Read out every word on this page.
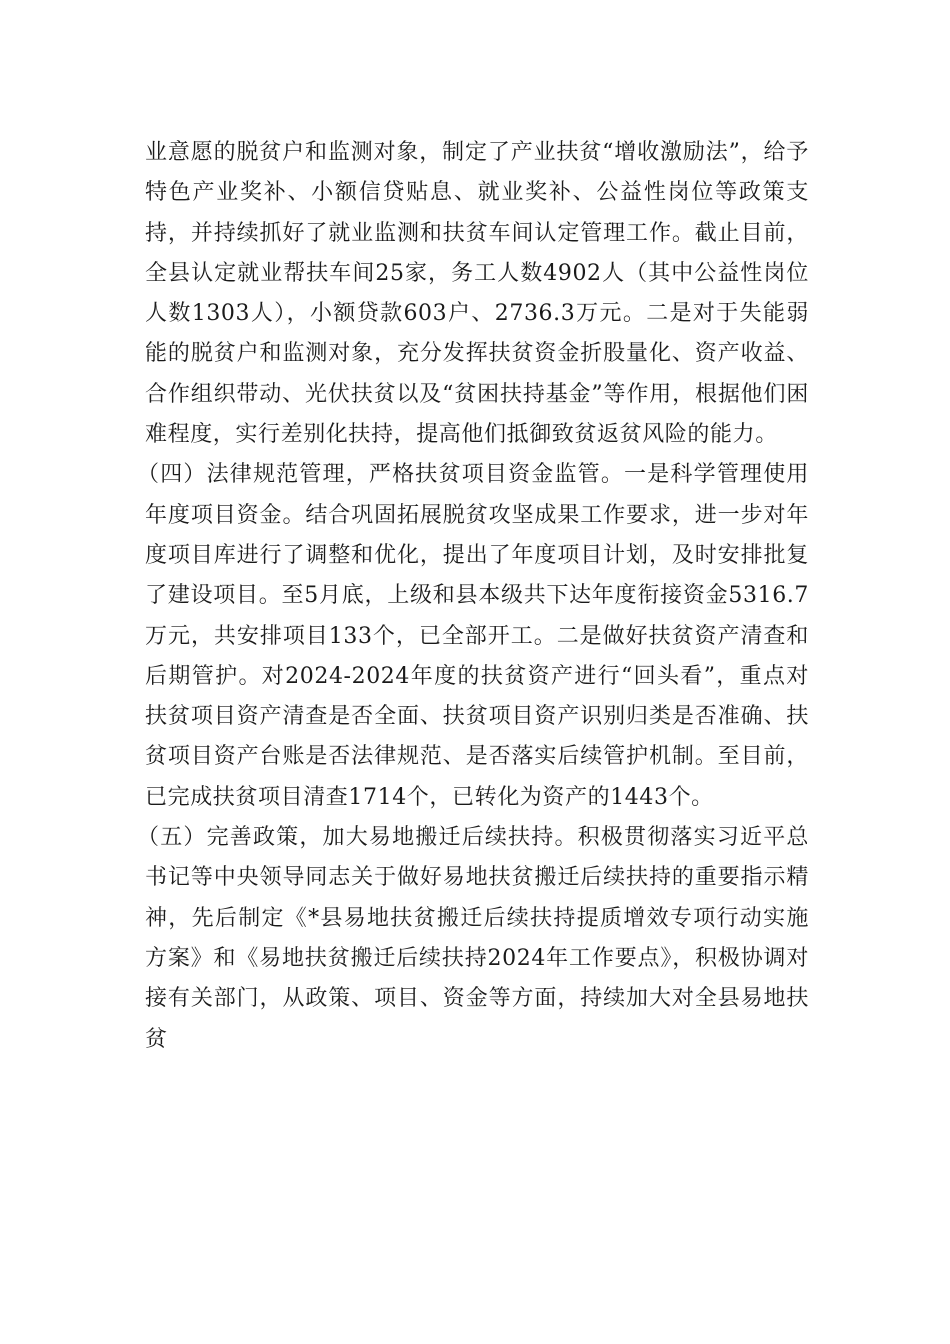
业意愿的脱贫户和监测对象，制定了产业扶贫“增收激励法”，给予特色产业奖补、小额信贷贴息、就业奖补、公益性岗位等政策支持，并持续抓好了就业监测和扶贫车间认定管理工作。截止目前，全县认定就业帮扶车间25家，务工人数4902人（其中公益性岗位人数1303人），小额贷款603户、2736.3万元。二是对于失能弱能的脱贫户和监测对象，充分发挥扶贫资金折股量化、资产收益、合作组织带动、光伏扶贫以及“贫困扶持基金”等作用，根据他们困难程度，实行差别化扶持，提高他们抵御致贫返贫风险的能力。

（四）法律规范管理，严格扶贫项目资金监管。一是科学管理使用年度项目资金。结合巩固拓展脱贫攻坚成果工作要求，进一步对年度项目库进行了调整和优化，提出了年度项目计划，及时安排批复了建设项目。至5月底，上级和县本级共下达年度衔接资金5316.7万元，共安排项目133个，已全部开工。二是做好扶贫资产清查和后期管护。对2024-2024年度的扶贫资产进行“回头看”，重点对扶贫项目资产清查是否全面、扶贫项目资产识别归类是否准确、扶贫项目资产台账是否法律规范、是否落实后续管护机制。至目前，已完成扶贫项目清查1714个，已转化为资产的1443个。

（五）完善政策，加大易地搬迁后续扶持。积极贯彻落实习近平总书记等中央领导同志关于做好易地扶贫搬迁后续扶持的重要指示精神，先后制定《*县易地扶贫搬迁后续扶持提质增效专项行动实施方案》和《易地扶贫搬迁后续扶持2024年工作要点》，积极协调对接有关部门，从政策、项目、资金等方面，持续加大对全县易地扶贫
